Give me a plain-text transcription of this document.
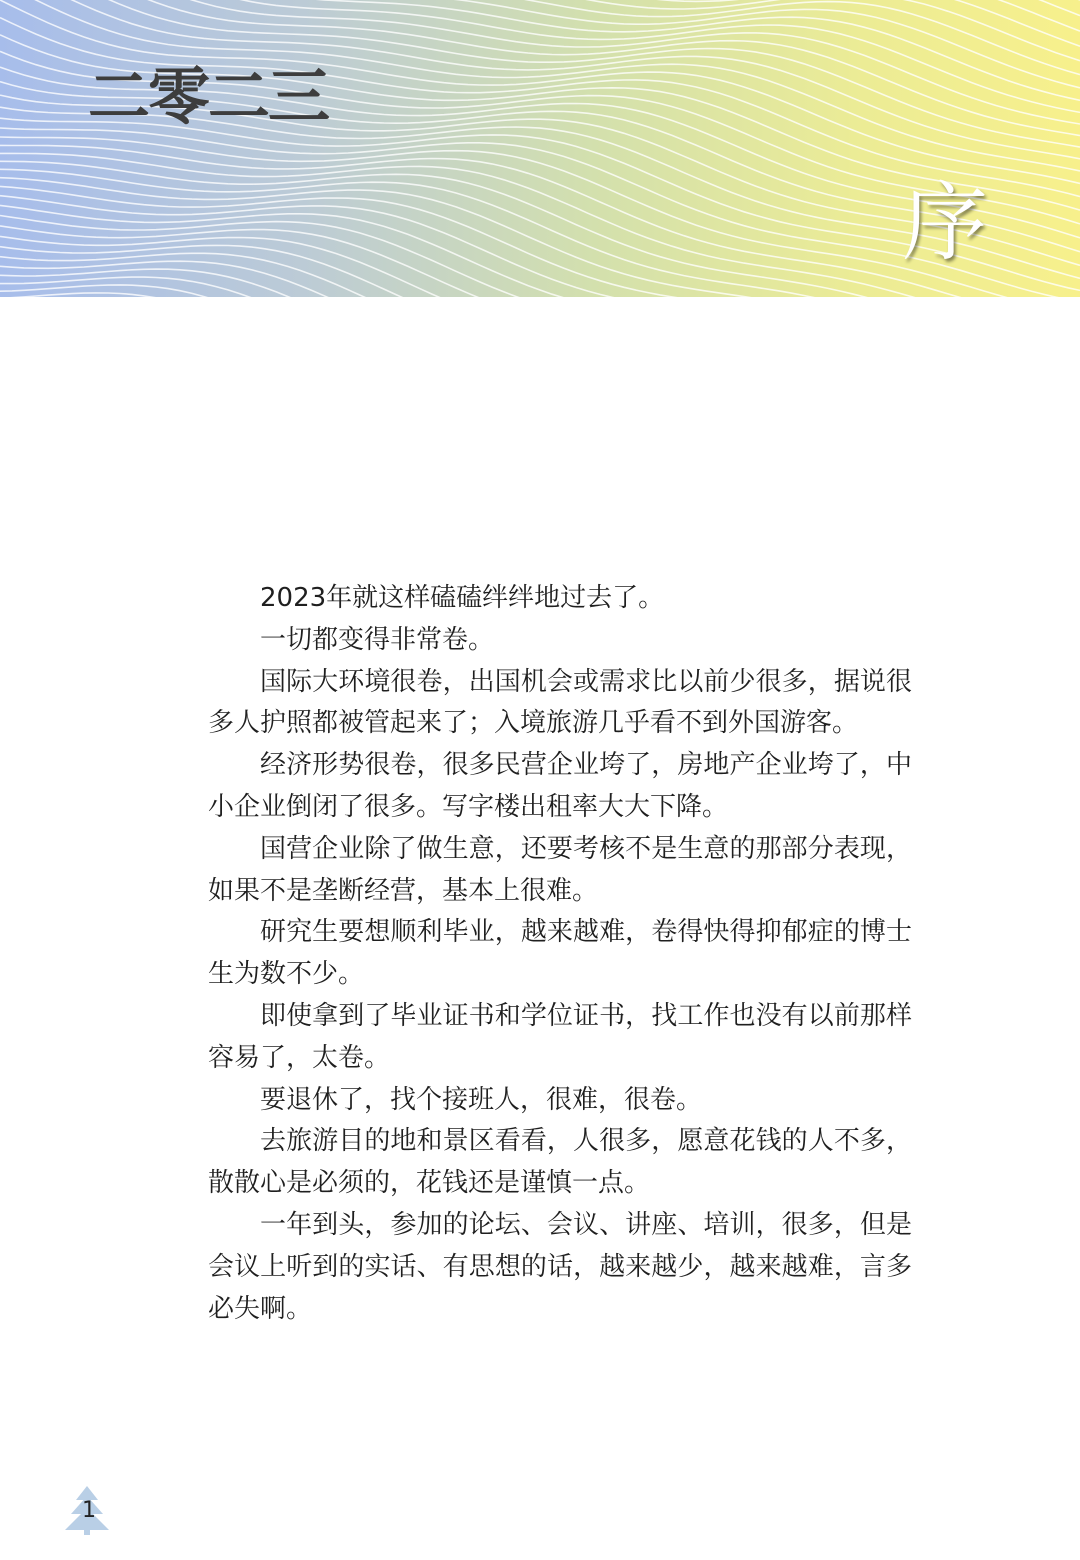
二零二三
序

2023年就这样磕磕绊绊地过去了。

一切都变得非常卷。

国际大环境很卷，出国机会或需求比以前少很多，据说很多人护照都被管起来了；入境旅游几乎看不到外国游客。

经济形势很卷，很多民营企业垮了，房地产企业垮了，中小企业倒闭了很多。写字楼出租率大大下降。

国营企业除了做生意，还要考核不是生意的那部分表现，如果不是垄断经营，基本上很难。

研究生要想顺利毕业，越来越难，卷得快得抑郁症的博士生为数不少。

即使拿到了毕业证书和学位证书，找工作也没有以前那样容易了，太卷。

要退休了，找个接班人，很难，很卷。

去旅游目的地和景区看看，人很多，愿意花钱的人不多，散散心是必须的，花钱还是谨慎一点。

一年到头，参加的论坛、会议、讲座、培训，很多，但是会议上听到的实话、有思想的话，越来越少，越来越难，言多必失啊。

1
